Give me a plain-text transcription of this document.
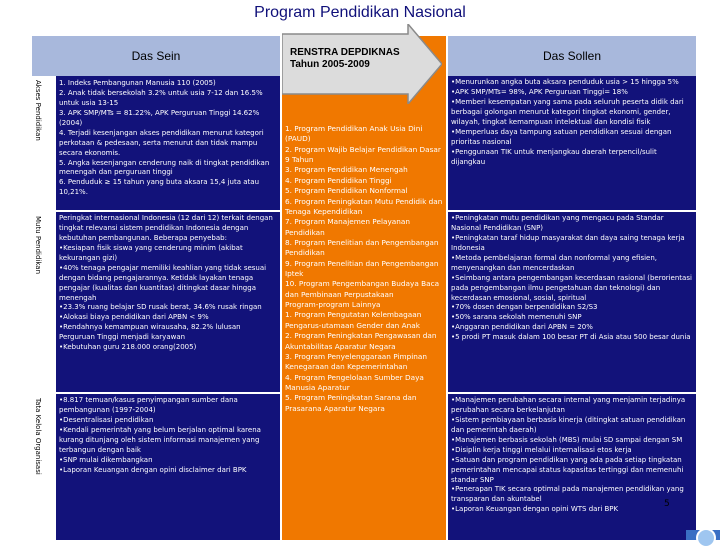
Program Pendidikan Nasional
Das Sein	Das Sollen
Akses Pendidikan
Mutu Pendidikan
Tata Kelola Organisasi

1. Indeks Pembangunan Manusia 110 (2005)

2. Anak tidak bersekolah 3.2% untuk usia 7-12 dan 16.5% untuk usia 13-15

3. APK SMP/MTs = 81.22%, APK Perguruan Tinggi 14.62% (2004)

4. Terjadi kesenjangan akses pendidikan menurut kategori perkotaan & pedesaan, serta menurut dan tidak mampu secara ekonomis.

5. Angka kesenjangan cenderung naik di tingkat pendidikan menengah dan perguruan tinggi

6. Penduduk ≥ 15 tahun yang buta aksara 15,4 juta atau 10,21%.

Peringkat internasional Indonesia (12 dari 12) terkait dengan tingkat relevansi sistem pendidikan Indonesia dengan kebutuhan pembangunan. Beberapa penyebab:

•Kesiapan fisik siswa yang cenderung minim (akibat kekurangan gizi)

•40% tenaga pengajar memiliki keahlian yang tidak sesuai dengan bidang pengajarannya. Ketidak layakan tenaga pengajar (kualitas dan kuantitas) ditingkat dasar hingga menengah

•23.3% ruang belajar SD rusak berat, 34.6% rusak ringan

•Alokasi biaya pendidikan dari APBN < 9%

•Rendahnya kemampuan wirausaha, 82.2% lulusan Perguruan Tinggi menjadi karyawan

•Kebutuhan guru 218.000 orang(2005)

•8.817 temuan/kasus penyimpangan sumber dana pembangunan (1997-2004)

•Desentralisasi pendidikan

•Kendali pemerintah yang belum berjalan optimal karena kurang ditunjang oleh sistem informasi manajemen yang terbangun dengan baik

•SNP mulai dikembangkan

•Laporan Keuangan dengan opini disclaimer dari BPK

1. Program Pendidikan Anak Usia Dini (PAUD)

2. Program Wajib Belajar Pendidikan Dasar 9 Tahun

3. Program Pendidikan Menengah

4. Program Pendidikan Tinggi

5. Program Pendidikan Nonformal

6. Program Peningkatan Mutu Pendidik dan Tenaga Kependidikan

7. Program Manajemen Pelayanan Pendidikan

8. Program Penelitian dan Pengembangan Pendidikan

9. Program Penelitian dan Pengembangan Iptek

10. Program Pengembangan Budaya Baca dan Pembinaan Perpustakaan

Program-program Lainnya

1. Program Pengutatan Kelembagaan Pengarus-utamaan Gender dan Anak

2. Program Peningkatan Pengawasan dan Akuntabilitas Aparatur Negara

3. Program Penyelenggaraan Pimpinan Kenegaraan dan Kepemerintahan

4. Program Pengelolaan Sumber Daya Manusia Aparatur

5. Program Peningkatan Sarana dan Prasarana Aparatur Negara

RENSTRA DEPDIKNAS Tahun 2005-2009

•Menurunkan angka buta aksara penduduk usia > 15 hingga 5%

•APK SMP/MTs= 98%, APK Perguruan Tinggi= 18%

•Memberi kesempatan yang sama pada seluruh peserta didik dari berbagai golongan menurut kategori tingkat ekonomi, gender, wilayah, tingkat kemampuan intelektual dan kondisi fisik

•Memperluas daya tampung satuan pendidikan sesuai dengan prioritas nasional

•Penggunaan TIK untuk menjangkau daerah terpencil/sulit dijangkau

•Peningkatan mutu pendidikan yang mengacu pada Standar Nasional Pendidikan (SNP)

•Peningkatan taraf hidup masyarakat dan daya saing tenaga kerja Indonesia

•Metoda pembelajaran formal dan nonformal yang efisien, menyenangkan dan mencerdaskan

•Seimbang antara pengembangan kecerdasan rasional (berorientasi pada pengembangan ilmu pengetahuan dan teknologi) dan kecerdasan emosional, sosial, spiritual

•70% dosen dengan berpendidikan S2/S3

•50% sarana sekolah memenuhi SNP

•Anggaran pendidikan dari APBN = 20%

•5 prodi PT masuk dalam 100 besar PT di Asia atau 500 besar dunia

•Manajemen perubahan secara internal yang menjamin terjadinya perubahan secara berkelanjutan

•Sistem pembiayaan berbasis kinerja (ditingkat satuan pendidikan dan pemerintah daerah)

•Manajemen berbasis sekolah (MBS) mulai SD sampai dengan SM

•Disiplin kerja tinggi melalui internalisasi etos kerja

•Satuan dan program pendidikan yang ada pada setiap tingkatan pemerintahan mencapai status kapasitas tertinggi dan memenuhi standar SNP

•Penerapan TIK secara optimal pada manajemen pendidikan yang transparan dan akuntabel

•Laporan Keuangan dengan opini WTS dari BPK

5
